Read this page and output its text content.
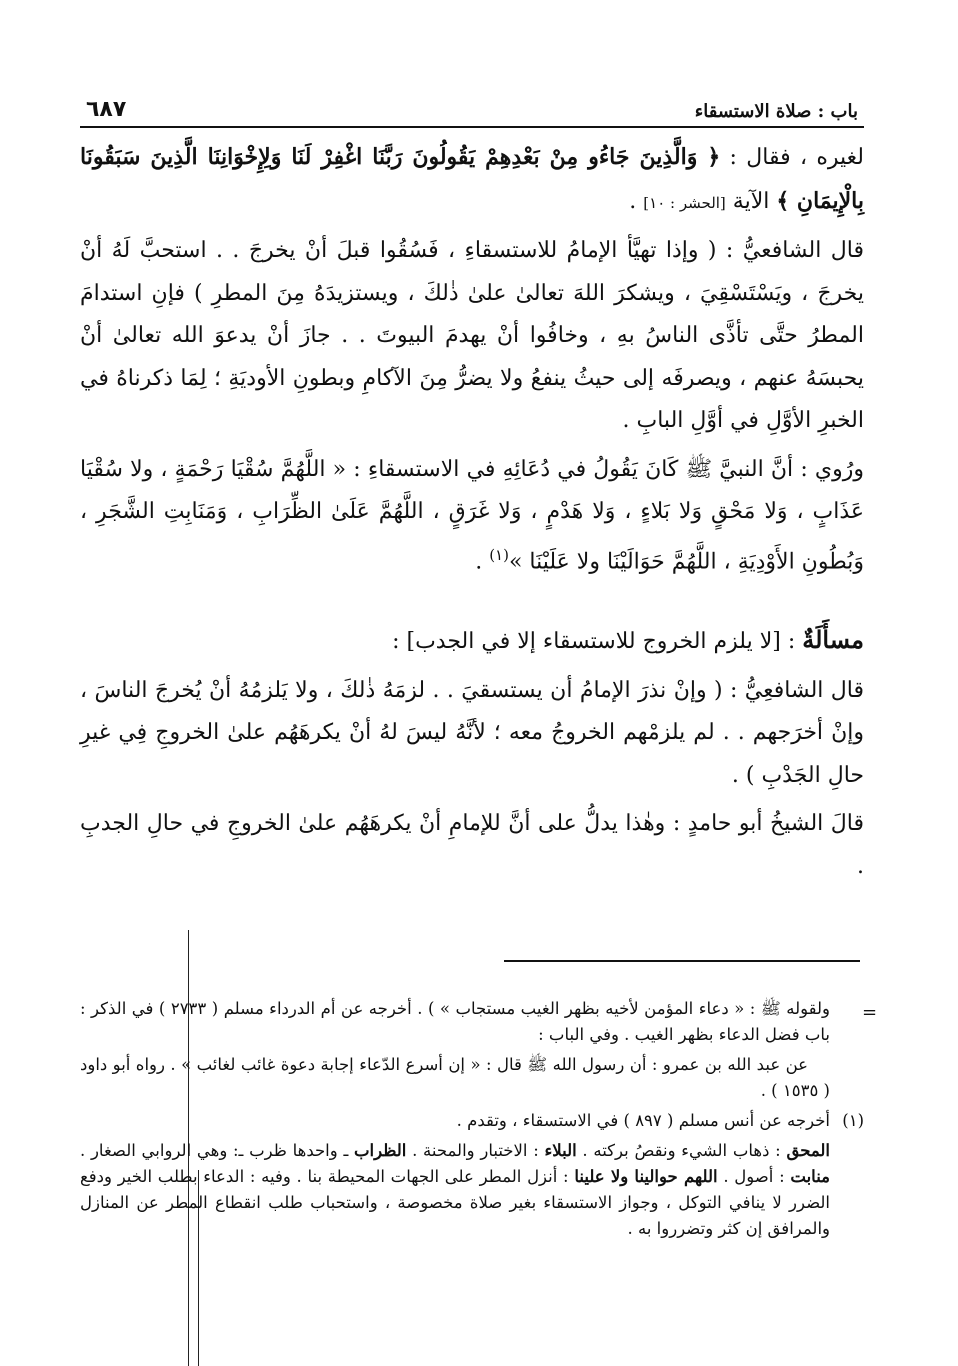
باب : صلاة الاستسقاء
٦٨٧

لغيره ، فقال : ﴿ وَالَّذِينَ جَاءُو مِنْ بَعْدِهِمْ يَقُولُونَ رَبَّنَا اغْفِرْ لَنَا وَلِإِخْوَانِنَا الَّذِينَ سَبَقُونَا بِالْإِيمَانِ ﴾ الآية [الحشر : ١٠] .

قال الشافعيُّ : ( وإذا تهيَّأ الإمامُ للاستسقاءِ ، فَسُقُوا قبلَ أنْ يخرجَ . . استحبَّ لَهُ أنْ يخرجَ ، ويَسْتَسْقِيَ ، ويشكرَ اللهَ تعالىٰ علىٰ ذٰلكَ ، ويستزيدَهُ مِنَ المطرِ ) فإنِ استدامَ المطرُ حتَّى تأذَّى الناسُ بهِ ، وخافُوا أنْ يهدمَ البيوتَ . . جازَ أنْ يدعوَ الله تعالىٰ أنْ يحبسَهُ عنهم ، ويصرفَه إلى حيثُ ينفعُ ولا يضرُّ مِنَ الآكامِ وبطونِ الأوديَةِ ؛ لِمَا ذكرناهُ في الخبرِ الأوَّلِ في أوَّلِ البابِ .

ورُوي : أنَّ النبيَّ ﷺ كَانَ يَقُولُ في دُعَائِهِ في الاستسقاءِ : « اللَّهُمَّ سُقْيَا رَحْمَةٍ ، ولا سُقْيَا عَذَابٍ ، وَلا مَحْقٍ وَلا بَلاءٍ ، وَلا هَدْمٍ ، وَلا غَرَقٍ ، اللَّهُمَّ عَلَىٰ الظِّرَابِ ، وَمَنَابِتِ الشَّجَرِ ، وَبُطُونِ الأَوْدِيَةِ ، اللَّهُمَّ حَوَالَيْنَا ولا عَلَيْنَا »$^{(١)}$ .

مسأَلَةٌ : [لا يلزم الخروج للاستسقاء إلا في الجدب] :

قال الشافعِيُّ : ( وإنْ نذرَ الإمامُ أن يستسقيَ . . لزمَهُ ذٰلكَ ، ولا يَلزمُهُ أنْ يُخرجَ الناسَ ، وإنْ أخرَجهم . . لم يلزمْهم الخروجُ معه ؛ لأنَّهُ ليسَ لهُ أنْ يكرهَهُم علىٰ الخروجِ فِي غيرِ حالِ الجَدْبِ ) .

قالَ الشيخُ أبو حامدٍ : وهٰذا يدلُّ على أنَّ للإمامِ أنْ يكرهَهُم علىٰ الخروجِ في حالِ الجدبِ .

=

ولقوله ﷺ : « دعاء المؤمن لأخيه بظهر الغيب مستجاب » ) . أخرجه عن أم الدرداء مسلم ( ٢٧٣٣ ) في الذكر : باب فضل الدعاء بظهر الغيب . وفي الباب :

عن عبد الله بن عمرو : أن رسول الله ﷺ قال : « إن أسرع الدّعاء إجابة دعوة غائب لغائب » . رواه أبو داود ( ١٥٣٥ ) .

(١)

أخرجه عن أنس مسلم ( ٨٩٧ ) في الاستسقاء ، وتقدم .

المحق : ذهاب الشيء ونقصُ بركته . البلاء : الاختبار والمحنة . الظراب ـ واحدها ظرب ـ: وهي الروابي الصغار . منابت : أصول . اللهم حوالينا ولا علينا : أنزل المطر على الجهات المحيطة بنا . وفيه : الدعاء بطلب الخير ودفع الضرر لا ينافي التوكل ، وجواز الاستسقاء بغير صلاة مخصوصة ، واستحباب طلب انقطاع المطر عن المنازل والمرافق إن كثر وتضرروا به .
